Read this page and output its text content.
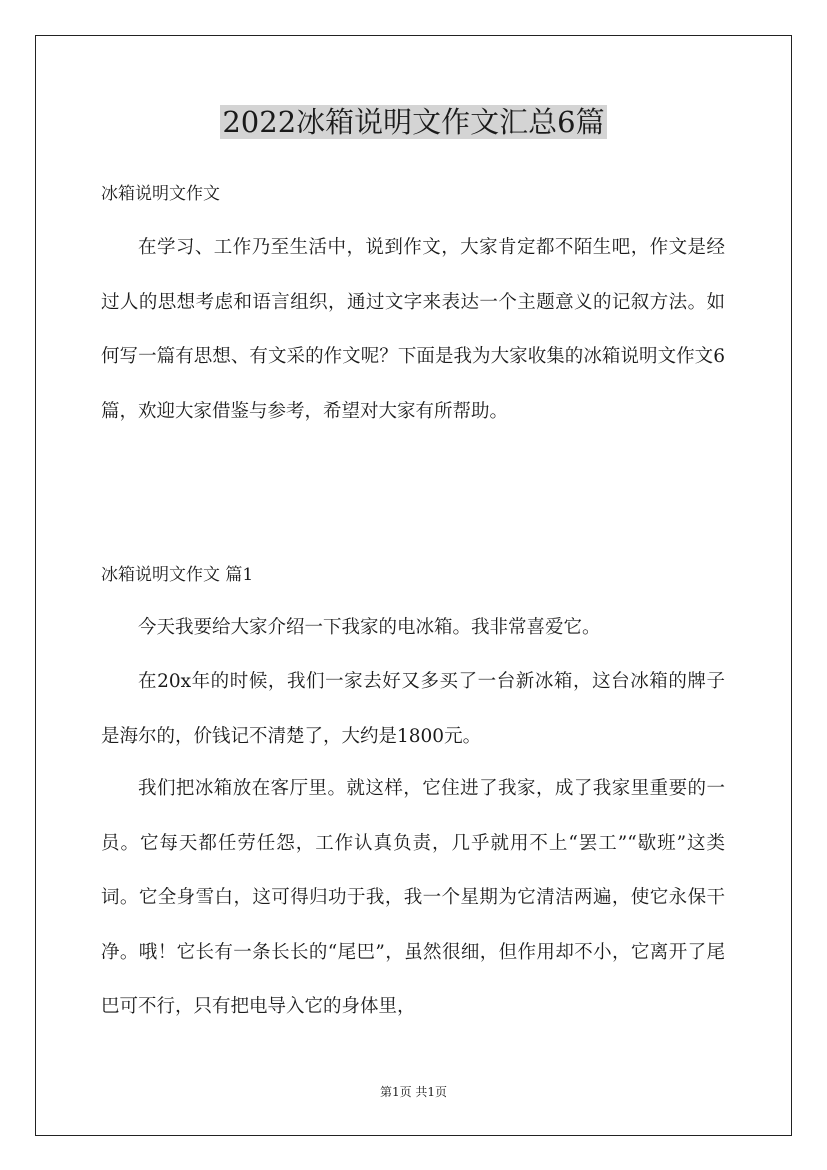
2022冰箱说明文作文汇总6篇
冰箱说明文作文

在学习、工作乃至生活中，说到作文，大家肯定都不陌生吧，作文是经过人的思想考虑和语言组织，通过文字来表达一个主题意义的记叙方法。如何写一篇有思想、有文采的作文呢？下面是我为大家收集的冰箱说明文作文6篇，欢迎大家借鉴与参考，希望对大家有所帮助。

冰箱说明文作文 篇1

今天我要给大家介绍一下我家的电冰箱。我非常喜爱它。

在20x年的时候，我们一家去好又多买了一台新冰箱，这台冰箱的牌子是海尔的，价钱记不清楚了，大约是1800元。

我们把冰箱放在客厅里。就这样，它住进了我家，成了我家里重要的一员。它每天都任劳任怨，工作认真负责，几乎就用不上“罢工”“歇班”这类词。它全身雪白，这可得归功于我，我一个星期为它清洁两遍，使它永保干净。哦！它长有一条长长的“尾巴”，虽然很细，但作用却不小，它离开了尾巴可不行，只有把电导入它的身体里，

第1页 共1页
